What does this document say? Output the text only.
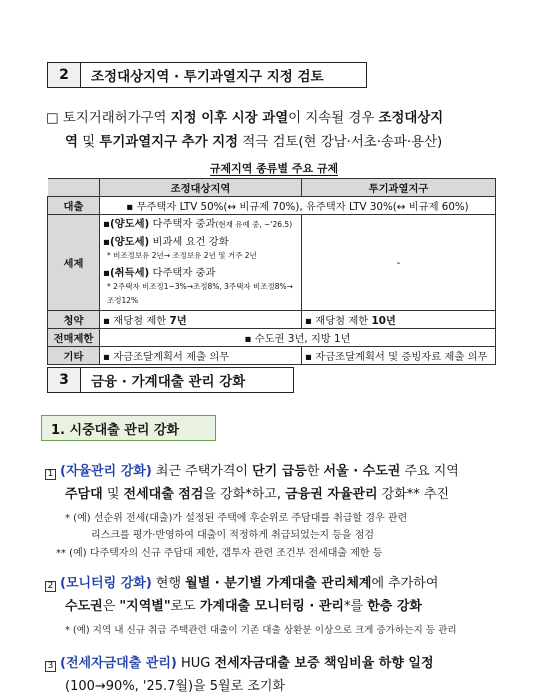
2	조정대상지역 · 투기과열지구 지정 검토
□ 토지거래허가구역 지정 이후 시장 과열이 지속될 경우 조정대상지
역 및 투기과열지구 추가 지정 적극 검토(현 강남·서초·송파·용산)
규제지역 종류별 주요 규제
	조정대상지역	투기과열지구
대출	▪ 무주택자 LTV 50%(↔ 비규제 70%), 유주택자 LTV 30%(↔ 비규제 60%)	
세제	▪(양도세) 다주택자 중과(현재 유예 중, ~'26.5)
▪(양도세) 비과세 요건 강화
* 비조정보유 2년→ 조정보유 2년 및 거주 2년
▪(취득세) 다주택자 중과
* 2주택자 비조정1~3%→조정8%, 3주택자 비조정8%→조정12%	-
청약	▪ 재당첨 제한 7년	▪ 재당첨 제한 10년
전매제한	▪ 수도권 3년, 지방 1년	
기타	▪ 자금조달계획서 제출 의무	▪ 자금조달계획서 및 증빙자료 제출 의무
3	금융 · 가계대출 관리 강화
1. 시중대출 관리 강화
1 (자율관리 강화) 최근 주택가격이 단기 급등한 서울 · 수도권 주요 지역
주담대 및 전세대출 점검을 강화*하고, 금융권 자율관리 강화** 추진
* (예) 선순위 전세(대출)가 설정된 주택에 후순위로 주담대를 취급할 경우 관련
리스크를 평가·반영하여 대출이 적정하게 취급되었는지 등을 점검
** (예) 다주택자의 신규 주담대 제한, 갭투자 관련 조건부 전세대출 제한 등
2 (모니터링 강화) 현행 월별 · 분기별 가계대출 관리체계에 추가하여
수도권은 "지역별"로도 가계대출 모니터링 · 관리*를 한층 강화
* (예) 지역 내 신규 취급 주택관련 대출이 기존 대출 상환분 이상으로 크게 증가하는지 등 관리
3 (전세자금대출 관리) HUG 전세자금대출 보증 책임비율 하향 일정
(100→90%, '25.7월)을 5월로 조기화
